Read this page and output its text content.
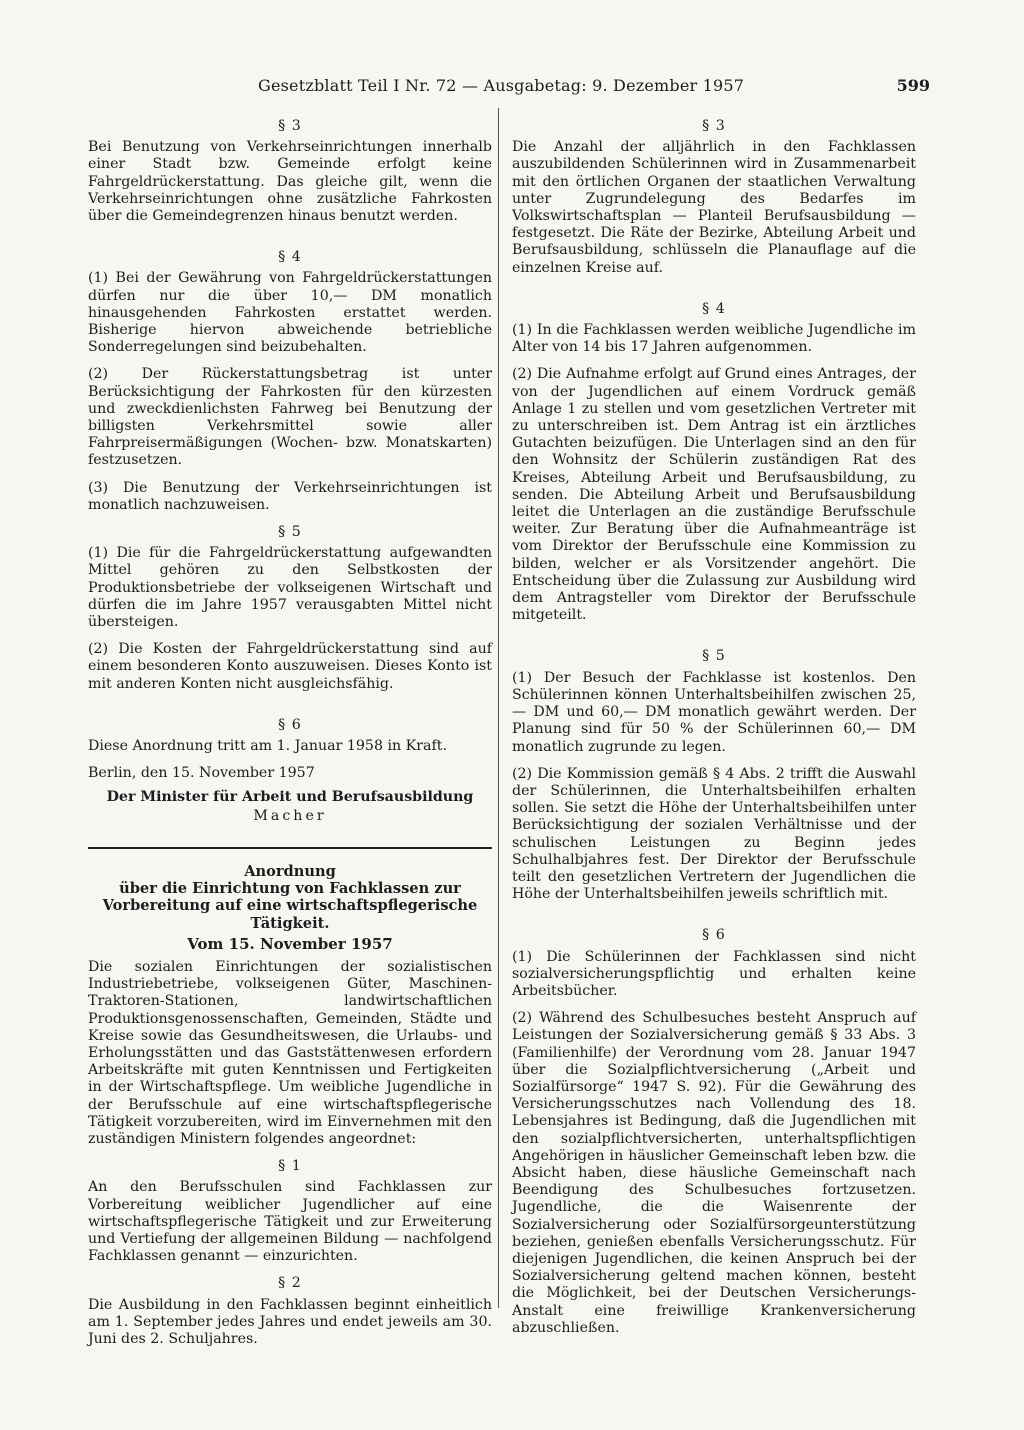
Gesetzblatt Teil I Nr. 72 — Ausgabetag: 9. Dezember 1957	599

§ 3

Bei Benutzung von Verkehrseinrichtungen innerhalb einer Stadt bzw. Gemeinde erfolgt keine Fahrgeldrückerstattung. Das gleiche gilt, wenn die Verkehrseinrichtungen ohne zusätzliche Fahrkosten über die Gemeindegrenzen hinaus benutzt werden.

§ 4

(1) Bei der Gewährung von Fahrgeldrückerstattungen dürfen nur die über 10,— DM monatlich hinausgehenden Fahrkosten erstattet werden. Bisherige hiervon abweichende betriebliche Sonderregelungen sind beizubehalten.

(2) Der Rückerstattungsbetrag ist unter Berücksichtigung der Fahrkosten für den kürzesten und zweckdienlichsten Fahrweg bei Benutzung der billigsten Verkehrsmittel sowie aller Fahrpreisermäßigungen (Wochen- bzw. Monatskarten) festzusetzen.

(3) Die Benutzung der Verkehrseinrichtungen ist monatlich nachzuweisen.

§ 5

(1) Die für die Fahrgeldrückerstattung aufgewandten Mittel gehören zu den Selbstkosten der Produktionsbetriebe der volkseigenen Wirtschaft und dürfen die im Jahre 1957 verausgabten Mittel nicht übersteigen.

(2) Die Kosten der Fahrgeldrückerstattung sind auf einem besonderen Konto auszuweisen. Dieses Konto ist mit anderen Konten nicht ausgleichsfähig.

§ 6

Diese Anordnung tritt am 1. Januar 1958 in Kraft.

Berlin, den 15. November 1957

Der Minister für Arbeit und Berufsausbildung

Macher

Anordnung

über die Einrichtung von Fachklassen zur Vorbereitung auf eine wirtschaftspflegerische Tätigkeit.

Vom 15. November 1957

Die sozialen Einrichtungen der sozialistischen Industriebetriebe, volkseigenen Güter, Maschinen-Traktoren-Stationen, landwirtschaftlichen Produktionsgenossenschaften, Gemeinden, Städte und Kreise sowie das Gesundheitswesen, die Urlaubs- und Erholungsstätten und das Gaststättenwesen erfordern Arbeitskräfte mit guten Kenntnissen und Fertigkeiten in der Wirtschaftspflege. Um weibliche Jugendliche in der Berufsschule auf eine wirtschaftspflegerische Tätigkeit vorzubereiten, wird im Einvernehmen mit den zuständigen Ministern folgendes angeordnet:

§ 1

An den Berufsschulen sind Fachklassen zur Vorbereitung weiblicher Jugendlicher auf eine wirtschaftspflegerische Tätigkeit und zur Erweiterung und Vertiefung der allgemeinen Bildung — nachfolgend Fachklassen genannt — einzurichten.

§ 2

Die Ausbildung in den Fachklassen beginnt einheitlich am 1. September jedes Jahres und endet jeweils am 30. Juni des 2. Schuljahres.

§ 3

Die Anzahl der alljährlich in den Fachklassen auszubildenden Schülerinnen wird in Zusammenarbeit mit den örtlichen Organen der staatlichen Verwaltung unter Zugrundelegung des Bedarfes im Volkswirtschaftsplan — Planteil Berufsausbildung — festgesetzt. Die Räte der Bezirke, Abteilung Arbeit und Berufsausbildung, schlüsseln die Planauflage auf die einzelnen Kreise auf.

§ 4

(1) In die Fachklassen werden weibliche Jugendliche im Alter von 14 bis 17 Jahren aufgenommen.

(2) Die Aufnahme erfolgt auf Grund eines Antrages, der von der Jugendlichen auf einem Vordruck gemäß Anlage 1 zu stellen und vom gesetzlichen Vertreter mit zu unterschreiben ist. Dem Antrag ist ein ärztliches Gutachten beizufügen. Die Unterlagen sind an den für den Wohnsitz der Schülerin zuständigen Rat des Kreises, Abteilung Arbeit und Berufsausbildung, zu senden. Die Abteilung Arbeit und Berufsausbildung leitet die Unterlagen an die zuständige Berufsschule weiter. Zur Beratung über die Aufnahmeanträge ist vom Direktor der Berufsschule eine Kommission zu bilden, welcher er als Vorsitzender angehört. Die Entscheidung über die Zulassung zur Ausbildung wird dem Antragsteller vom Direktor der Berufsschule mitgeteilt.

§ 5

(1) Der Besuch der Fachklasse ist kostenlos. Den Schülerinnen können Unterhaltsbeihilfen zwischen 25,— DM und 60,— DM monatlich gewährt werden. Der Planung sind für 50 % der Schülerinnen 60,— DM monatlich zugrunde zu legen.

(2) Die Kommission gemäß § 4 Abs. 2 trifft die Auswahl der Schülerinnen, die Unterhaltsbeihilfen erhalten sollen. Sie setzt die Höhe der Unterhaltsbeihilfen unter Berücksichtigung der sozialen Verhältnisse und der schulischen Leistungen zu Beginn jedes Schulhalbjahres fest. Der Direktor der Berufsschule teilt den gesetzlichen Vertretern der Jugendlichen die Höhe der Unterhaltsbeihilfen jeweils schriftlich mit.

§ 6

(1) Die Schülerinnen der Fachklassen sind nicht sozialversicherungspflichtig und erhalten keine Arbeitsbücher.

(2) Während des Schulbesuches besteht Anspruch auf Leistungen der Sozialversicherung gemäß § 33 Abs. 3 (Familienhilfe) der Verordnung vom 28. Januar 1947 über die Sozialpflichtversicherung („Arbeit und Sozialfürsorge“ 1947 S. 92). Für die Gewährung des Versicherungsschutzes nach Vollendung des 18. Lebensjahres ist Bedingung, daß die Jugendlichen mit den sozialpflichtversicherten, unterhaltspflichtigen Angehörigen in häuslicher Gemeinschaft leben bzw. die Absicht haben, diese häusliche Gemeinschaft nach Beendigung des Schulbesuches fortzusetzen. Jugendliche, die die Waisenrente der Sozialversicherung oder Sozialfürsorgeunterstützung beziehen, genießen ebenfalls Versicherungsschutz. Für diejenigen Jugendlichen, die keinen Anspruch bei der Sozialversicherung geltend machen können, besteht die Möglichkeit, bei der Deutschen Versicherungs-Anstalt eine freiwillige Krankenversicherung abzuschließen.
